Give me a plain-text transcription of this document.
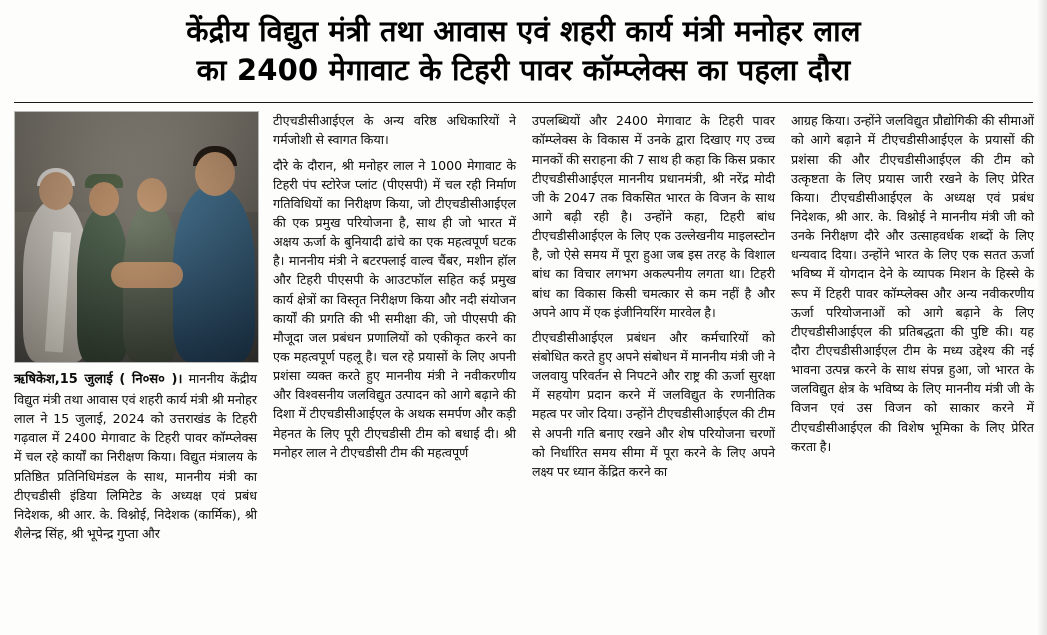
केंद्रीय विद्युत मंत्री तथा आवास एवं शहरी कार्य मंत्री मनोहर लाल
का 2400 मेगावाट के टिहरी पावर कॉम्प्लेक्स का पहला दौरा

ऋषिकेश,15 जुलाई ( नि०स० )। माननीय केंद्रीय विद्युत मंत्री तथा आवास एवं शहरी कार्य मंत्री श्री मनोहर लाल ने 15 जुलाई, 2024 को उत्तराखंड के टिहरी गढ़वाल में 2400 मेगावाट के टिहरी पावर कॉम्प्लेक्स में चल रहे कार्यों का निरीक्षण किया। विद्युत मंत्रालय के प्रतिष्ठित प्रतिनिधिमंडल के साथ, माननीय मंत्री का टीएचडीसी इंडिया लिमिटेड के अध्यक्ष एवं प्रबंध निदेशक, श्री आर. के. विश्नोई, निदेशक (कार्मिक), श्री शैलेन्द्र सिंह, श्री भूपेन्द्र गुप्ता और

टीएचडीसीआईएल के अन्य वरिष्ठ अधिकारियों ने गर्मजोशी से स्वागत किया।

दौरे के दौरान, श्री मनोहर लाल ने 1000 मेगावाट के टिहरी पंप स्टोरेज प्लांट (पीएसपी) में चल रही निर्माण गतिविधियों का निरीक्षण किया, जो टीएचडीसीआईएल की एक प्रमुख परियोजना है, साथ ही जो भारत में अक्षय ऊर्जा के बुनियादी ढांचे का एक महत्वपूर्ण घटक है। माननीय मंत्री ने बटरफ्लाई वाल्व चैंबर, मशीन हॉल और टिहरी पीएसपी के आउटफॉल सहित कई प्रमुख कार्य क्षेत्रों का विस्तृत निरीक्षण किया और नदी संयोजन कार्यों की प्रगति की भी समीक्षा की, जो पीएसपी की मौजूदा जल प्रबंधन प्रणालियों को एकीकृत करने का एक महत्वपूर्ण पहलू है। चल रहे प्रयासों के लिए अपनी प्रशंसा व्यक्त करते हुए माननीय मंत्री ने नवीकरणीय और विश्वसनीय जलविद्युत उत्पादन को आगे बढ़ाने की दिशा में टीएचडीसीआईएल के अथक समर्पण और कड़ी मेहनत के लिए पूरी टीएचडीसी टीम को बधाई दी। श्री मनोहर लाल ने टीएचडीसी टीम की महत्वपूर्ण

उपलब्धियों और 2400 मेगावाट के टिहरी पावर कॉम्प्लेक्स के विकास में उनके द्वारा दिखाए गए उच्च मानकों की सराहना की 7 साथ ही कहा कि किस प्रकार टीएचडीसीआईएल माननीय प्रधानमंत्री, श्री नरेंद्र मोदी जी के 2047 तक विकसित भारत के विजन के साथ आगे बढ़ी रही है। उन्होंने कहा, टिहरी बांध टीएचडीसीआईएल के लिए एक उल्लेखनीय माइलस्टोन है, जो ऐसे समय में पूरा हुआ जब इस तरह के विशाल बांध का विचार लगभग अकल्पनीय लगता था। टिहरी बांध का विकास किसी चमत्कार से कम नहीं है और अपने आप में एक इंजीनियरिंग मारवेल है।

टीएचडीसीआईएल प्रबंधन और कर्मचारियों को संबोधित करते हुए अपने संबोधन में माननीय मंत्री जी ने जलवायु परिवर्तन से निपटने और राष्ट्र की ऊर्जा सुरक्षा में सहयोग प्रदान करने में जलविद्युत के रणनीतिक महत्व पर जोर दिया। उन्होंने टीएचडीसीआईएल की टीम से अपनी गति बनाए रखने और शेष परियोजना चरणों को निर्धारित समय सीमा में पूरा करने के लिए अपने लक्ष्य पर ध्यान केंद्रित करने का

आग्रह किया। उन्होंने जलविद्युत प्रौद्योगिकी की सीमाओं को आगे बढ़ाने में टीएचडीसीआईएल के प्रयासों की प्रशंसा की और टीएचडीसीआईएल की टीम को उत्कृष्टता के लिए प्रयास जारी रखने के लिए प्रेरित किया। टीएचडीसीआईएल के अध्यक्ष एवं प्रबंध निदेशक, श्री आर. के. विश्नोई ने माननीय मंत्री जी को उनके निरीक्षण दौरे और उत्साहवर्धक शब्दों के लिए धन्यवाद दिया। उन्होंने भारत के लिए एक सतत ऊर्जा भविष्य में योगदान देने के व्यापक मिशन के हिस्से के रूप में टिहरी पावर कॉम्प्लेक्स और अन्य नवीकरणीय ऊर्जा परियोजनाओं को आगे बढ़ाने के लिए टीएचडीसीआईएल की प्रतिबद्धता की पुष्टि की। यह दौरा टीएचडीसीआईएल टीम के मध्य उद्देश्य की नई भावना उत्पन्न करने के साथ संपन्न हुआ, जो भारत के जलविद्युत क्षेत्र के भविष्य के लिए माननीय मंत्री जी के विजन एवं उस विजन को साकार करने में टीएचडीसीआईएल की विशेष भूमिका के लिए प्रेरित करता है।
